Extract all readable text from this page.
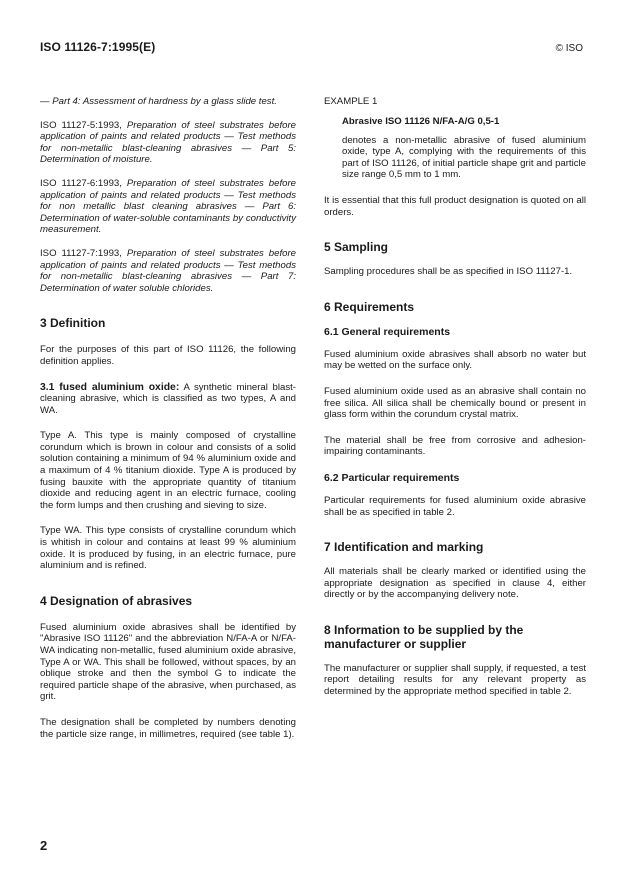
ISO 11126-7:1995(E)	© ISO

— Part 4: Assessment of hardness by a glass slide test.

ISO 11127-5:1993, Preparation of steel substrates before application of paints and related products — Test methods for non-metallic blast-cleaning abrasives — Part 5: Determination of moisture.

ISO 11127-6:1993, Preparation of steel substrates before application of paints and related products — Test methods for non metallic blast cleaning abrasives — Part 6: Determination of water-soluble contaminants by conductivity measurement.

ISO 11127-7:1993, Preparation of steel substrates before application of paints and related products — Test methods for non-metallic blast-cleaning abrasives — Part 7: Determination of water soluble chlorides.

3 Definition

For the purposes of this part of ISO 11126, the following definition applies.

3.1 fused aluminium oxide: A synthetic mineral blast-cleaning abrasive, which is classified as two types, A and WA.

Type A. This type is mainly composed of crystalline corundum which is brown in colour and consists of a solid solution containing a minimum of 94 % aluminium oxide and a maximum of 4 % titanium dioxide. Type A is produced by fusing bauxite with the appropriate quantity of titanium dioxide and reducing agent in an electric furnace, cooling the form lumps and then crushing and sieving to size.

Type WA. This type consists of crystalline corundum which is whitish in colour and contains at least 99 % aluminium oxide. It is produced by fusing, in an electric furnace, pure aluminium and is refined.

4 Designation of abrasives

Fused aluminium oxide abrasives shall be identified by "Abrasive ISO 11126" and the abbreviation N/FA-A or N/FA-WA indicating non-metallic, fused aluminium oxide abrasive, Type A or WA. This shall be followed, without spaces, by an oblique stroke and then the symbol G to indicate the required particle shape of the abrasive, when purchased, as grit.

The designation shall be completed by numbers denoting the particle size range, in millimetres, required (see table 1).

EXAMPLE 1
Abrasive ISO 11126 N/FA-A/G 0,5-1

denotes a non-metallic abrasive of fused aluminium oxide, type A, complying with the requirements of this part of ISO 11126, of initial particle shape grit and particle size range 0,5 mm to 1 mm.

It is essential that this full product designation is quoted on all orders.

5 Sampling

Sampling procedures shall be as specified in ISO 11127-1.

6 Requirements
6.1 General requirements

Fused aluminium oxide abrasives shall absorb no water but may be wetted on the surface only.

Fused aluminium oxide used as an abrasive shall contain no free silica. All silica shall be chemically bound or present in glass form within the corundum crystal matrix.

The material shall be free from corrosive and adhesion-impairing contaminants.

6.2 Particular requirements

Particular requirements for fused aluminium oxide abrasive shall be as specified in table 2.

7 Identification and marking

All materials shall be clearly marked or identified using the appropriate designation as specified in clause 4, either directly or by the accompanying delivery note.

8 Information to be supplied by the manufacturer or supplier

The manufacturer or supplier shall supply, if requested, a test report detailing results for any relevant property as determined by the appropriate method specified in table 2.

2
